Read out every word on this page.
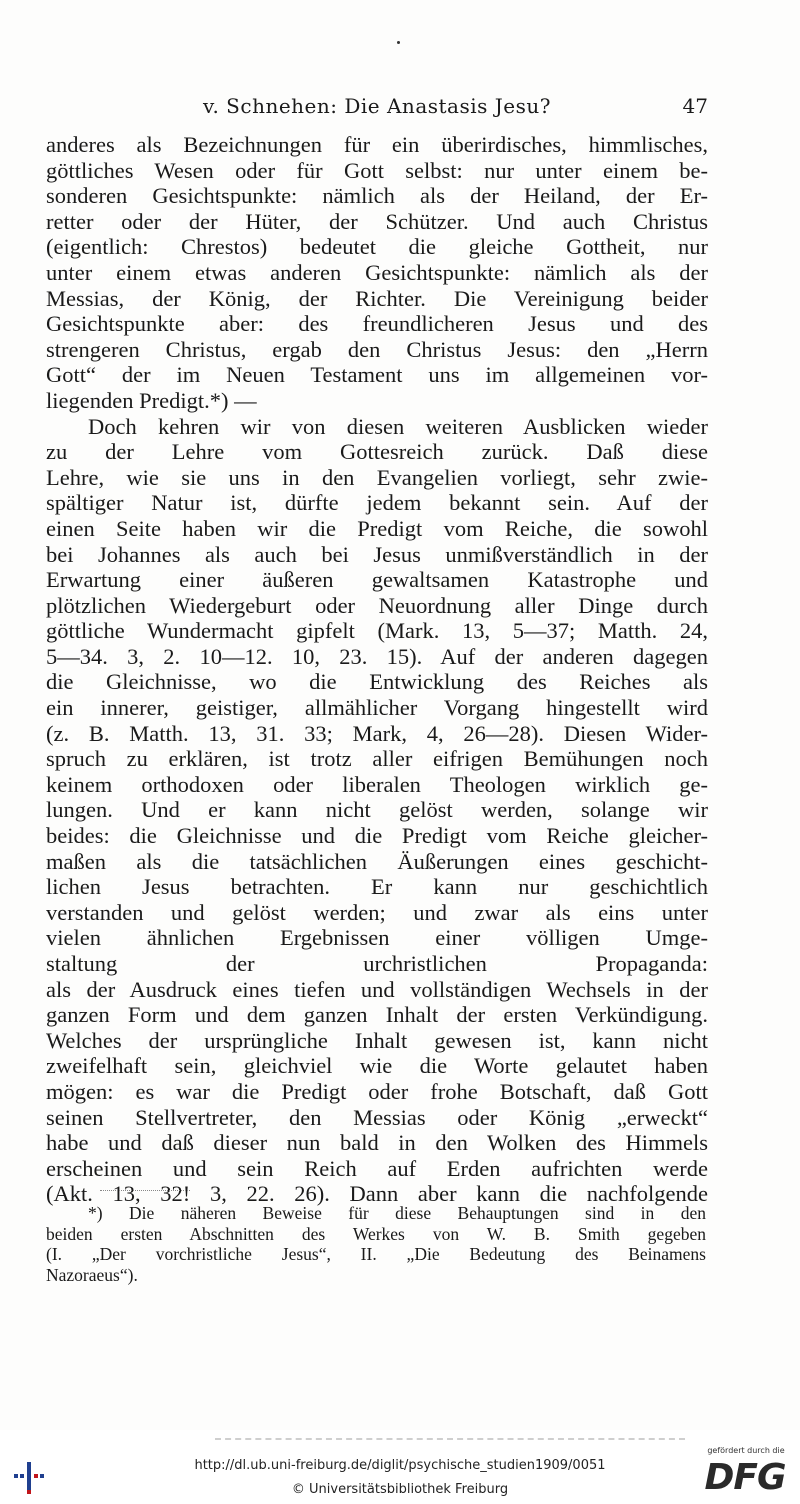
v. Schnehen: Die Anastasis Jesu?	47
anderes als Bezeichnungen für ein überirdisches, himmlisches,
göttliches Wesen oder für Gott selbst: nur unter einem be-
sonderen Gesichtspunkte: nämlich als der Heiland, der Er-
retter oder der Hüter, der Schützer. Und auch Christus
(eigentlich: Chrestos) bedeutet die gleiche Gottheit, nur
unter einem etwas anderen Gesichtspunkte: nämlich als der
Messias, der König, der Richter. Die Vereinigung beider
Gesichtspunkte aber: des freundlicheren Jesus und des
strengeren Christus, ergab den Christus Jesus: den „Herrn
Gott“ der im Neuen Testament uns im allgemeinen vor-
liegenden Predigt.*) —
Doch kehren wir von diesen weiteren Ausblicken wieder
zu der Lehre vom Gottesreich zurück. Daß diese
Lehre, wie sie uns in den Evangelien vorliegt, sehr zwie-
spältiger Natur ist, dürfte jedem bekannt sein. Auf der
einen Seite haben wir die Predigt vom Reiche, die sowohl
bei Johannes als auch bei Jesus unmißverständlich in der
Erwartung einer äußeren gewaltsamen Katastrophe und
plötzlichen Wiedergeburt oder Neuordnung aller Dinge durch
göttliche Wundermacht gipfelt (Mark. 13, 5—37; Matth. 24,
5—34. 3, 2. 10—12. 10, 23. 15). Auf der anderen dagegen
die Gleichnisse, wo die Entwicklung des Reiches als
ein innerer, geistiger, allmählicher Vorgang hingestellt wird
(z. B. Matth. 13, 31. 33; Mark, 4, 26—28). Diesen Wider-
spruch zu erklären, ist trotz aller eifrigen Bemühungen noch
keinem orthodoxen oder liberalen Theologen wirklich ge-
lungen. Und er kann nicht gelöst werden, solange wir
beides: die Gleichnisse und die Predigt vom Reiche gleicher-
maßen als die tatsächlichen Äußerungen eines geschicht-
lichen Jesus betrachten. Er kann nur geschichtlich
verstanden und gelöst werden; und zwar als eins unter
vielen ähnlichen Ergebnissen einer völligen Umge-
staltung der urchristlichen Propaganda:
als der Ausdruck eines tiefen und vollständigen Wechsels in der
ganzen Form und dem ganzen Inhalt der ersten Verkündigung.
Welches der ursprüngliche Inhalt gewesen ist, kann nicht
zweifelhaft sein, gleichviel wie die Worte gelautet haben
mögen: es war die Predigt oder frohe Botschaft, daß Gott
seinen Stellvertreter, den Messias oder König „erweckt“
habe und daß dieser nun bald in den Wolken des Himmels
erscheinen und sein Reich auf Erden aufrichten werde
(Akt. 13, 32! 3, 22. 26). Dann aber kann die nachfolgende
*) Die näheren Beweise für diese Behauptungen sind in den
beiden ersten Abschnitten des Werkes von W. B. Smith gegeben
(I. „Der vorchristliche Jesus“, II. „Die Bedeutung des Beinamens
Nazoraeus“).
http://dl.ub.uni-freiburg.de/diglit/psychische_studien1909/0051
© Universitätsbibliothek Freiburg
gefördert durch die
DFG
